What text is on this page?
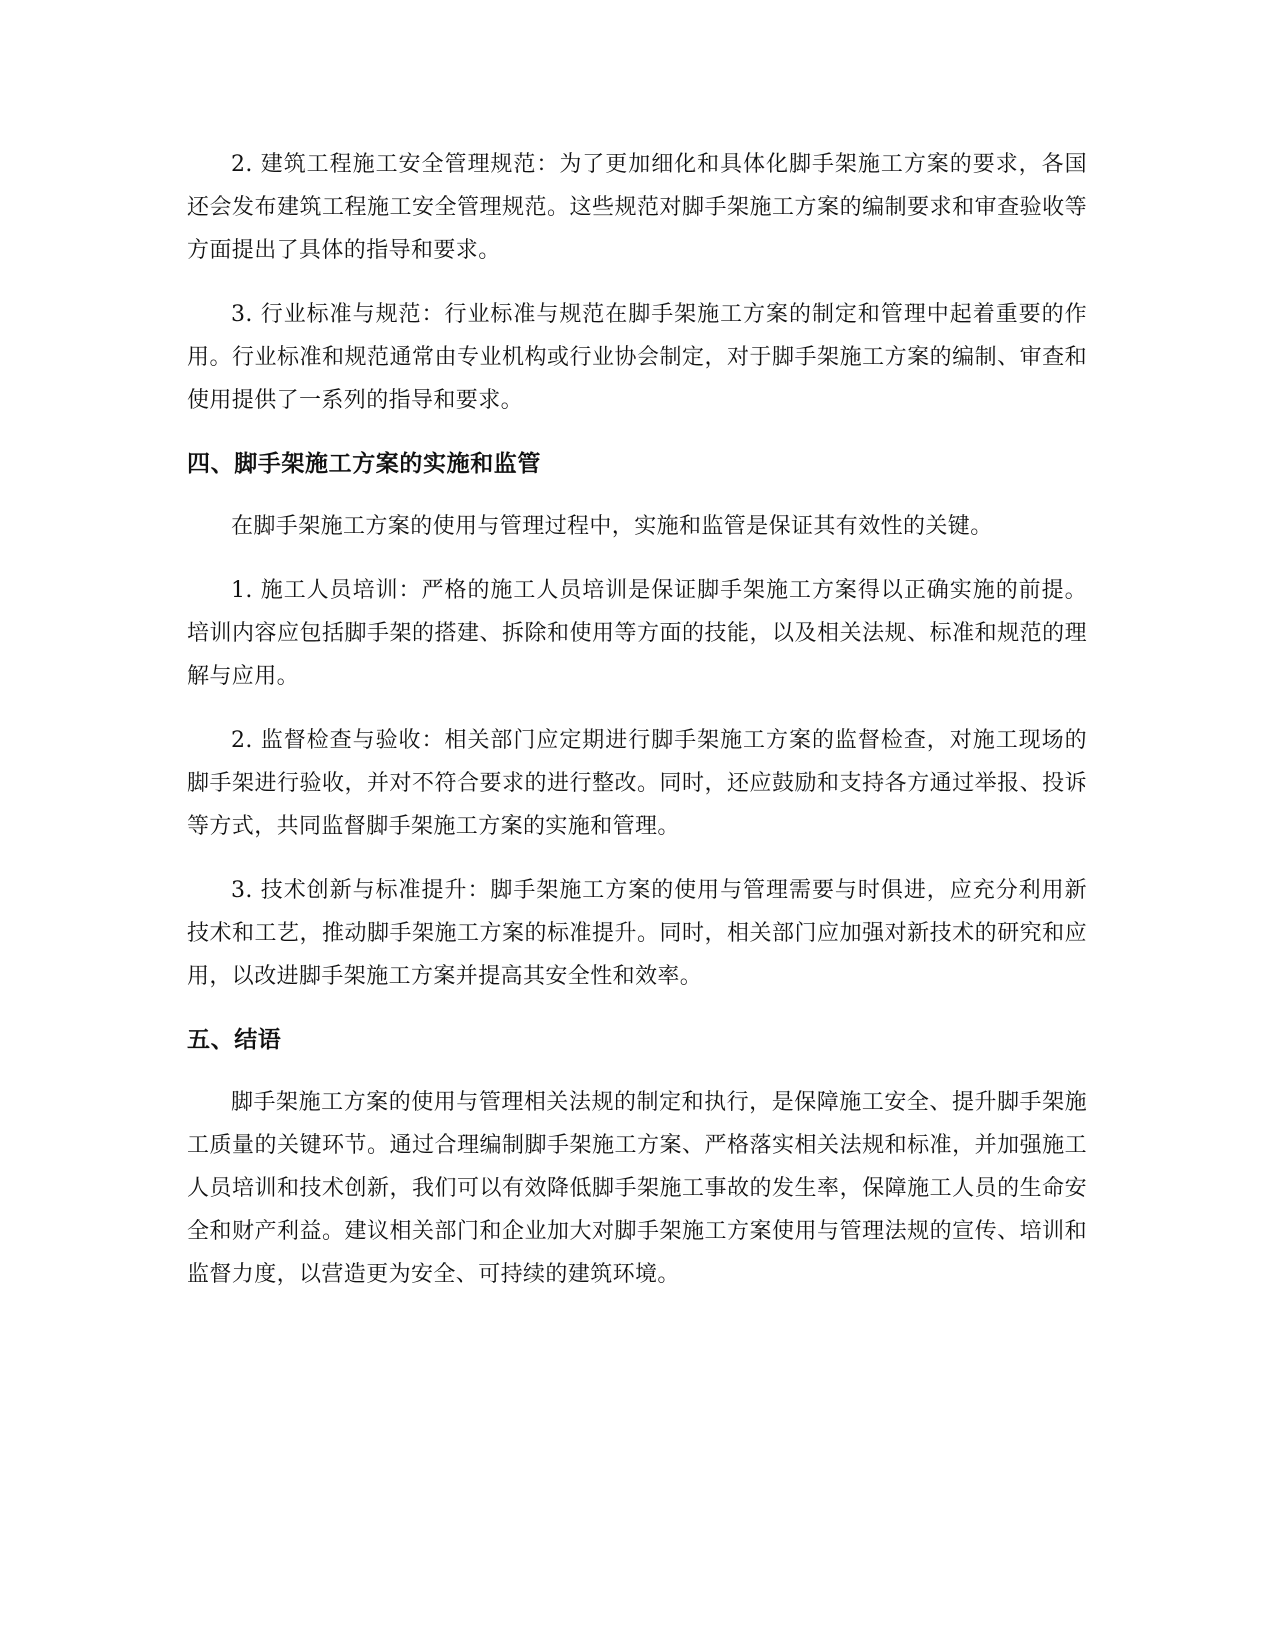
2. 建筑工程施工安全管理规范：为了更加细化和具体化脚手架施工方案的要求，各国还会发布建筑工程施工安全管理规范。这些规范对脚手架施工方案的编制要求和审查验收等方面提出了具体的指导和要求。

3. 行业标准与规范：行业标准与规范在脚手架施工方案的制定和管理中起着重要的作用。行业标准和规范通常由专业机构或行业协会制定，对于脚手架施工方案的编制、审查和使用提供了一系列的指导和要求。

四、脚手架施工方案的实施和监管

在脚手架施工方案的使用与管理过程中，实施和监管是保证其有效性的关键。

1. 施工人员培训：严格的施工人员培训是保证脚手架施工方案得以正确实施的前提。培训内容应包括脚手架的搭建、拆除和使用等方面的技能，以及相关法规、标准和规范的理解与应用。

2. 监督检查与验收：相关部门应定期进行脚手架施工方案的监督检查，对施工现场的脚手架进行验收，并对不符合要求的进行整改。同时，还应鼓励和支持各方通过举报、投诉等方式，共同监督脚手架施工方案的实施和管理。

3. 技术创新与标准提升：脚手架施工方案的使用与管理需要与时俱进，应充分利用新技术和工艺，推动脚手架施工方案的标准提升。同时，相关部门应加强对新技术的研究和应用，以改进脚手架施工方案并提高其安全性和效率。

五、结语

脚手架施工方案的使用与管理相关法规的制定和执行，是保障施工安全、提升脚手架施工质量的关键环节。通过合理编制脚手架施工方案、严格落实相关法规和标准，并加强施工人员培训和技术创新，我们可以有效降低脚手架施工事故的发生率，保障施工人员的生命安全和财产利益。建议相关部门和企业加大对脚手架施工方案使用与管理法规的宣传、培训和监督力度，以营造更为安全、可持续的建筑环境。
